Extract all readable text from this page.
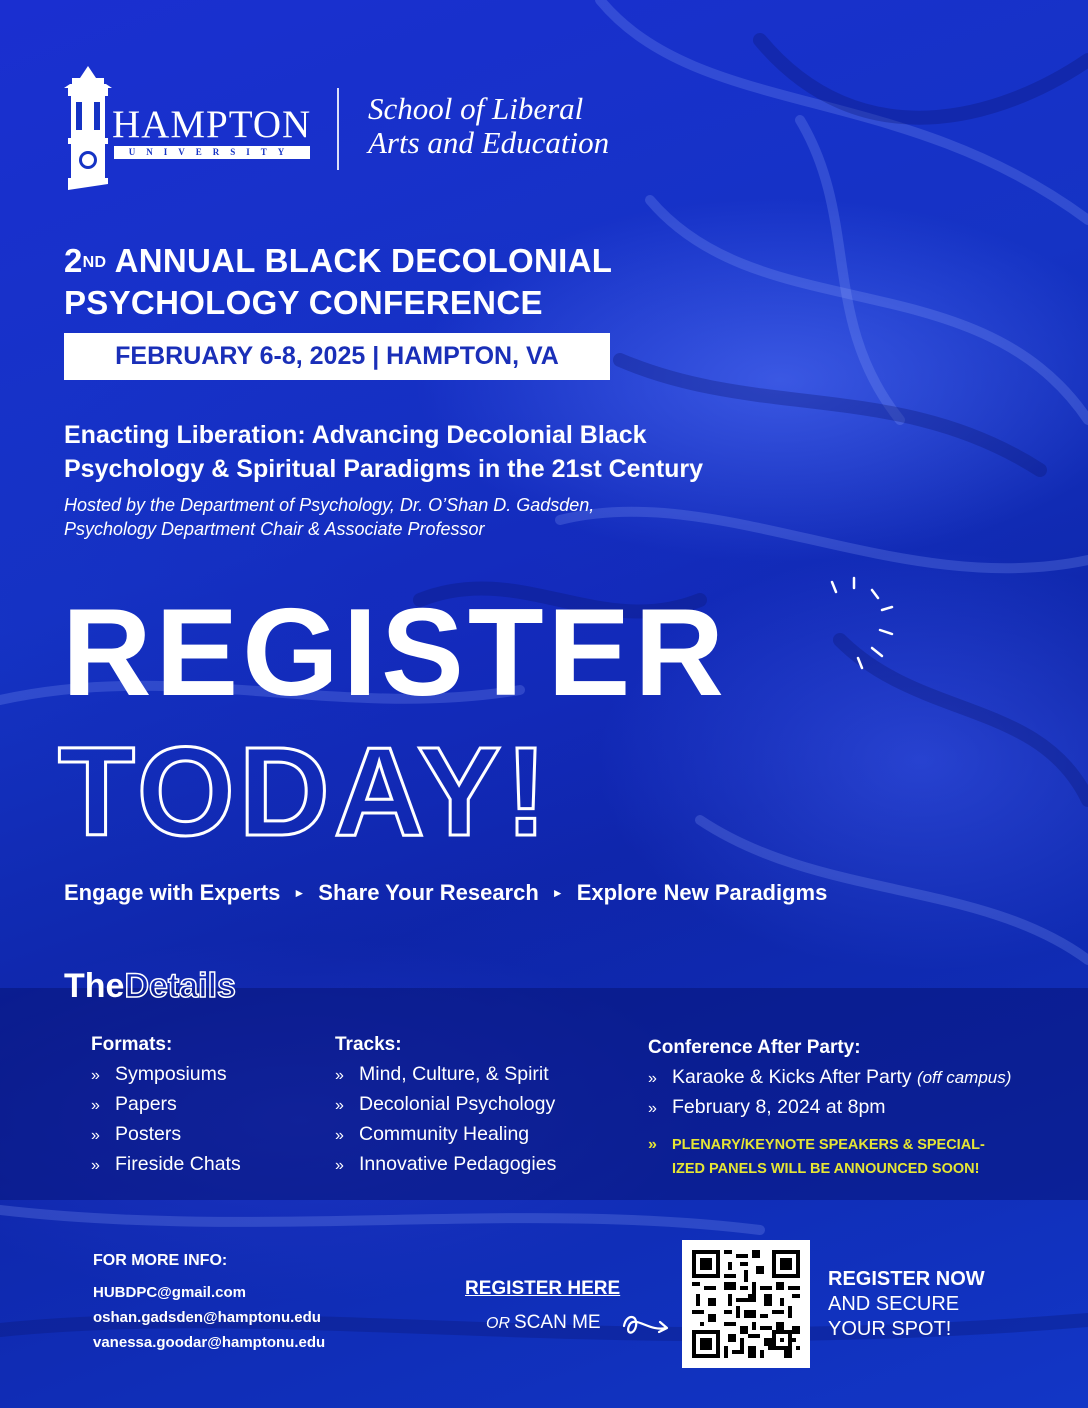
HAMPTON
UNIVERSITY
School of Liberal
Arts and Education
2ND ANNUAL BLACK DECOLONIAL
PSYCHOLOGY CONFERENCE
FEBRUARY 6-8, 2025 | HAMPTON, VA
Enacting Liberation: Advancing Decolonial Black
Psychology & Spiritual Paradigms in the 21st Century
Hosted by the Department of Psychology, Dr. O’Shan D. Gadsden,
Psychology Department Chair & Associate Professor
REGISTER
TODAY!
Engage with Experts ► Share Your Research ► Explore New Paradigms
TheDetails
Formats:
» Symposiums
» Papers
» Posters
» Fireside Chats
Tracks:
» Mind, Culture, & Spirit
» Decolonial Psychology
» Community Healing
» Innovative Pedagogies
Conference After Party:
» Karaoke & Kicks After Party (off campus)
» February 8, 2024 at 8pm
»	PLENARY/KEYNOTE SPEAKERS & SPECIAL-
IZED PANELS WILL BE ANNOUNCED SOON!
FOR MORE INFO:
HUBDPC@gmail.com
oshan.gadsden@hamptonu.edu
vanessa.goodar@hamptonu.edu
REGISTER HERE
OR SCAN ME
REGISTER NOW
AND SECURE
YOUR SPOT!
